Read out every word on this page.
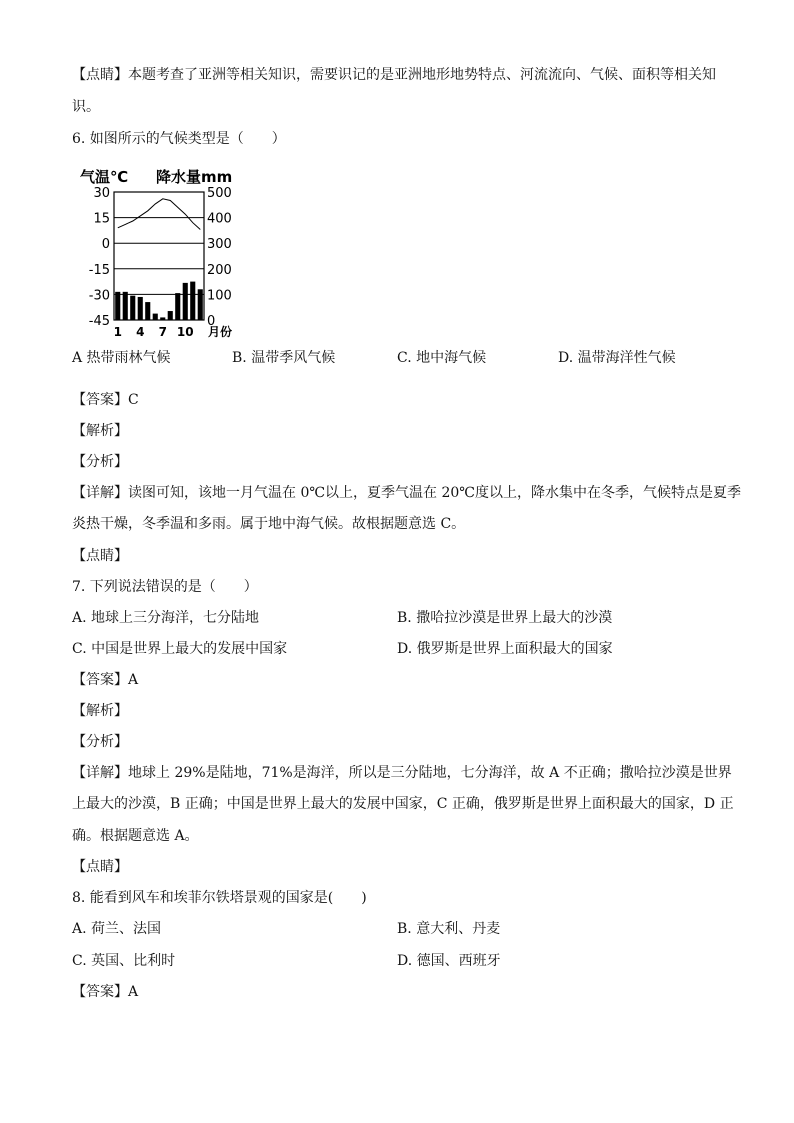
【点睛】本题考查了亚洲等相关知识，需要识记的是亚洲地形地势特点、河流流向、气候、面积等相关知
识。
6. 如图所示的气候类型是（　　）
气温℃ 降水量mm
30
15
0
-15
-30
-45
500
400
300
200
100
0
1 4 7 10 月份
A 热带雨林气候	B. 温带季风气候	C. 地中海气候	D. 温带海洋性气候
【答案】C
【解析】
【分析】
【详解】读图可知，该地一月气温在 0℃以上，夏季气温在 20℃度以上，降水集中在冬季，气候特点是夏季
炎热干燥，冬季温和多雨。属于地中海气候。故根据题意选 C。
【点睛】
7. 下列说法错误的是（　　）
A. 地球上三分海洋，七分陆地	B. 撒哈拉沙漠是世界上最大的沙漠
C. 中国是世界上最大的发展中国家	D. 俄罗斯是世界上面积最大的国家
【答案】A
【解析】
【分析】
【详解】地球上 29%是陆地，71%是海洋，所以是三分陆地，七分海洋，故 A 不正确；撒哈拉沙漠是世界
上最大的沙漠，B 正确；中国是世界上最大的发展中国家，C 正确，俄罗斯是世界上面积最大的国家，D 正
确。根据题意选 A。
【点睛】
8. 能看到风车和埃菲尔铁塔景观的国家是(　　)
A. 荷兰、法国	B. 意大利、丹麦
C. 英国、比利时	D. 德国、西班牙
【答案】A
